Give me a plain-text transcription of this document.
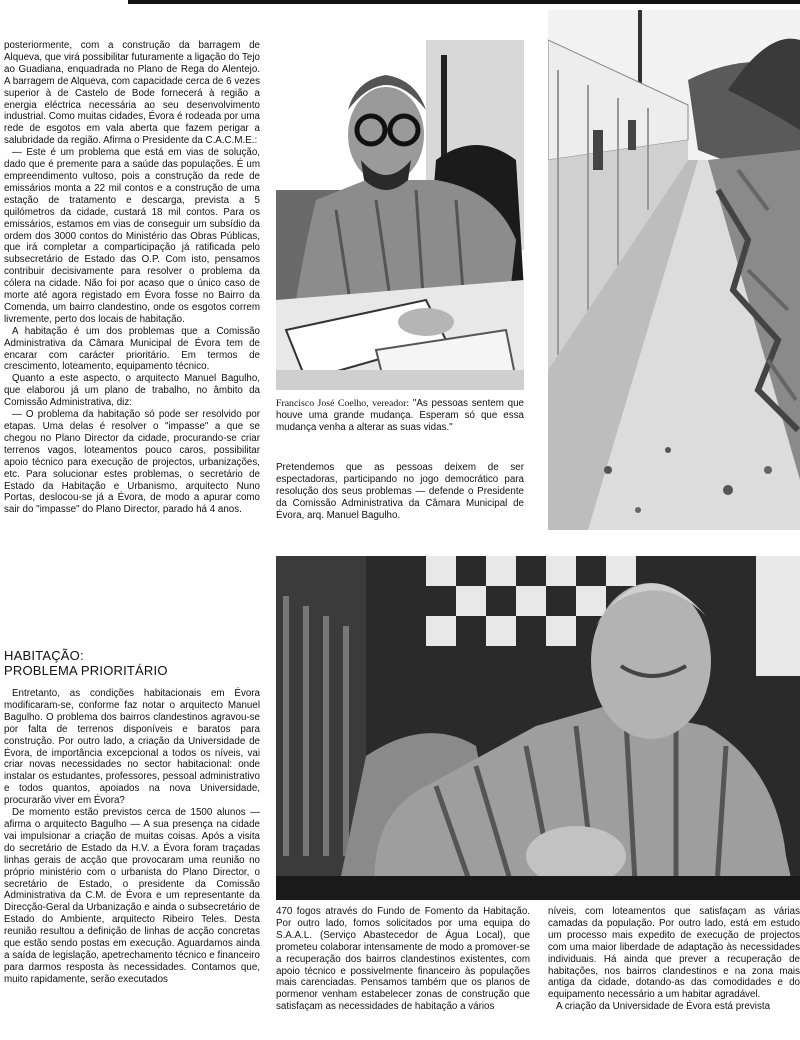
posteriormente, com a construção da barragem de Alqueva, que virá possibilitar futuramente a ligação do Tejo ao Guadiana, enquadrada no Plano de Rega do Alentejo. A barragem de Alqueva, com capacidade cerca de 6 vezes superior à de Castelo de Bode fornecerá à região a energia eléctrica necessária ao seu desenvolvimento industrial. Como muitas cidades, Évora é rodeada por uma rede de esgotos em vala aberta que fazem perigar a salubridade da região. Afirma o Presidente da C.A.C.M.E.:

— Este é um problema que está em vias de solução, dado que é premente para a saúde das populações. É um empreendimento vultoso, pois a construção da rede de emissários monta a 22 mil contos e a construção de uma estação de tratamento e descarga, prevista a 5 quilómetros da cidade, custará 18 mil contos. Para os emissários, estamos em vias de conseguir um subsídio da ordem dos 3000 contos do Ministério das Obras Públicas, que irá completar a comparticipação já ratificada pelo subsecretário de Estado das O.P. Com isto, pensamos contribuir decisivamente para resolver o problema da cólera na cidade. Não foi por acaso que o único caso de morte até agora registado em Évora fosse no Bairro da Comenda, um bairro clandestino, onde os esgotos correm livremente, perto dos locais de habitação.

A habitação é um dos problemas que a Comissão Administrativa da Câmara Municipal de Évora tem de encarar com carácter prioritário. Em termos de crescimento, loteamento, equipamento técnico.

Quanto a este aspecto, o arquitecto Manuel Bagulho, que elaborou já um plano de trabalho, no âmbito da Comissão Administrativa, diz:

— O problema da habitação só pode ser resolvido por etapas. Uma delas é resolver o "impasse" a que se chegou no Plano Director da cidade, procurando-se criar terrenos vagos, loteamentos pouco caros, possibilitar apoio técnico para execução de projectos, urbanizações, etc. Para solucionar estes problemas, o secretário de Estado da Habitação e Urbanismo, arquitecto Nuno Portas, deslocou-se já a Évora, de modo a apurar como sair do "impasse" do Plano Director, parado há 4 anos.

HABITAÇÃO:
PROBLEMA PRIORITÁRIO

Entretanto, as condições habitacionais em Évora modificaram-se, conforme faz notar o arquitecto Manuel Bagulho. O problema dos bairros clandestinos agravou-se por falta de terrenos disponíveis e baratos para construção. Por outro lado, a criação da Universidade de Évora, de importância excepcional a todos os níveis, vai criar novas necessidades no sector habitacional: onde instalar os estudantes, professores, pessoal administrativo e todos quantos, apoiados na nova Universidade, procurarão viver em Évora?

De momento estão previstos cerca de 1500 alunos — afirma o arquitecto Bagulho — A sua presença na cidade vai impulsionar a criação de muitas coisas. Após a visita do secretário de Estado da H.V. a Évora foram traçadas linhas gerais de acção que provocaram uma reunião no próprio ministério com o urbanista do Plano Director, o secretário de Estado, o presidente da Comissão Administrativa da C.M. de Évora e um representante da Direcção-Geral da Urbanização e ainda o subsecretário de Estado do Ambiente, arquitecto Ribeiro Teles. Desta reunião resultou a definição de linhas de acção concretas que estão sendo postas em execução. Aguardamos ainda a saída de legislação, apetrechamento técnico e financeiro para darmos resposta às necessidades. Contamos que, muito rapidamente, serão executados

Francisco José Coelho, vereador: "As pessoas sentem que houve uma grande mudança. Esperam só que essa mudança venha a alterar as suas vidas."

Pretendemos que as pessoas deixem de ser espectadoras, participando no jogo democrático para resolução dos seus problemas — defende o Presidente da Comissão Administrativa da Câmara Municipal de Évora, arq. Manuel Bagulho.

470 fogos através do Fundo de Fomento da Habitação. Por outro lado, fomos solicitados por uma equipa do S.A.A.L. (Serviço Abastecedor de Água Local), que prometeu colaborar intensamente de modo a promover-se a recuperação dos bairros clandestinos existentes, com apoio técnico e possivelmente financeiro às populações mais carenciadas. Pensamos também que os planos de pormenor venham estabelecer zonas de construção que satisfaçam as necessidades de habitação a vários

níveis, com loteamentos que satisfaçam as várias camadas da população. Por outro lado, está em estudo um processo mais expedito de execução de projectos com uma maior liberdade de adaptação às necessidades individuais. Há ainda que prever a recuperação de habitações, nos bairros clandestinos e na zona mais antiga da cidade, dotando-as das comodidades e do equipamento necessário a um habitar agradável.

A criação da Universidade de Évora está prevista
